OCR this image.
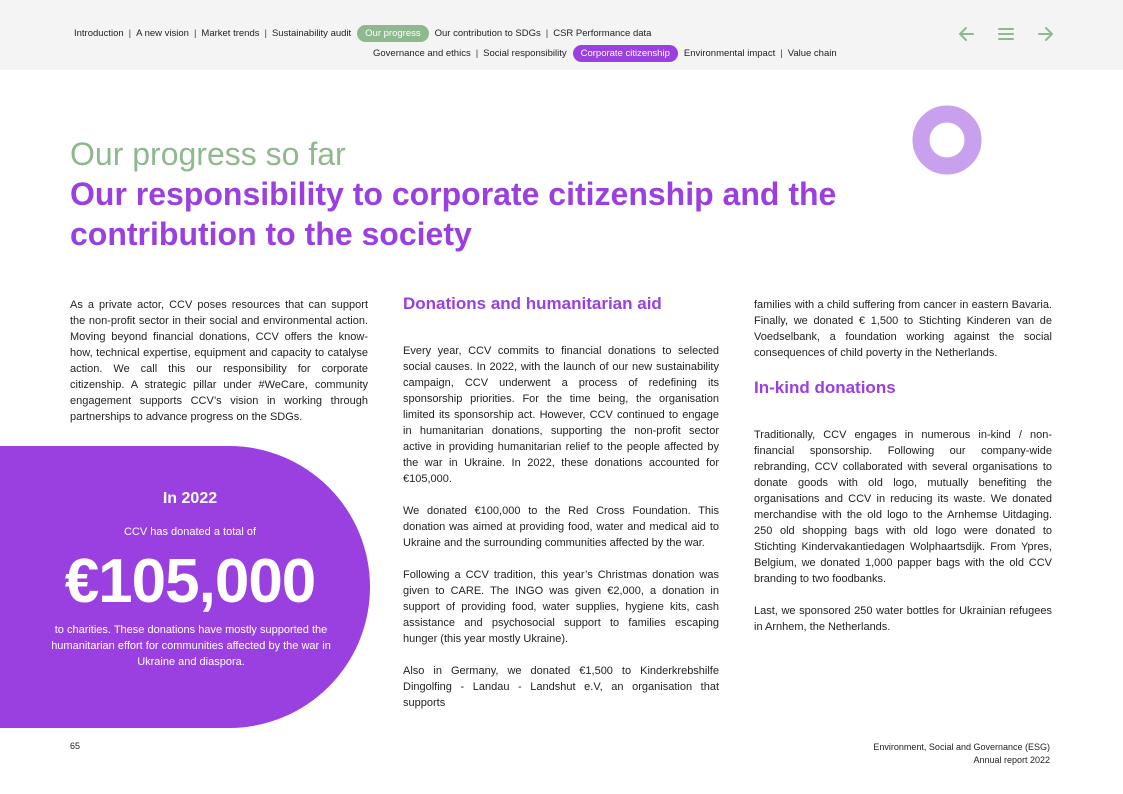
Introduction | A new vision | Market trends | Sustainability audit	Our progress	Our contribution to SDGs | CSR Performance data
Governance and ethics | Social responsibility	Corporate citizenship	Environmental impact | Value chain
Our progress so far
Our responsibility to corporate citizenship and the contribution to the society

As a private actor, CCV poses resources that can support the non-profit sector in their social and environmental action. Moving beyond financial donations, CCV offers the know-how, technical expertise, equipment and capacity to catalyse action. We call this our responsibility for corporate citizenship. A strategic pillar under #WeCare, community engagement supports CCV’s vision in working through partnerships to advance progress on the SDGs.

In 2022
CCV has donated a total of
€105,000
to charities. These donations have mostly supported the humanitarian effort for communities affected by the war in Ukraine and diaspora.
Donations and humanitarian aid

Every year, CCV commits to financial donations to selected social causes. In 2022, with the launch of our new sustainability campaign, CCV underwent a process of redefining its sponsorship priorities. For the time being, the organisation limited its sponsorship act. However, CCV continued to engage in humanitarian donations, supporting the non-profit sector active in providing humanitarian relief to the people affected by the war in Ukraine. In 2022, these donations accounted for €105,000.

We donated €100,000 to the Red Cross Foundation. This donation was aimed at providing food, water and medical aid to Ukraine and the surrounding communities affected by the war.

Following a CCV tradition, this year’s Christmas donation was given to CARE. The INGO was given €2,000, a donation in support of providing food, water supplies, hygiene kits, cash assistance and psychosocial support to families escaping hunger (this year mostly Ukraine).

Also in Germany, we donated €1,500 to Kinderkrebshilfe Dingolfing - Landau - Landshut e.V, an organisation that supports

families with a child suffering from cancer in eastern Bavaria. Finally, we donated € 1,500 to Stichting Kinderen van de Voedselbank, a foundation working against the social consequences of child poverty in the Netherlands.

In-kind donations

Traditionally, CCV engages in numerous in-kind / non-financial sponsorship. Following our company-wide rebranding, CCV collaborated with several organisations to donate goods with old logo, mutually benefiting the organisations and CCV in reducing its waste. We donated merchandise with the old logo to the Arnhemse Uitdaging. 250 old shopping bags with old logo were donated to Stichting Kindervakantiedagen Wolphaartsdijk. From Ypres, Belgium, we donated 1,000 papper bags with the old CCV branding to two foodbanks.

Last, we sponsored 250 water bottles for Ukrainian refugees in Arnhem, the Netherlands.

65	Environment, Social and Governance (ESG)
Annual report 2022
